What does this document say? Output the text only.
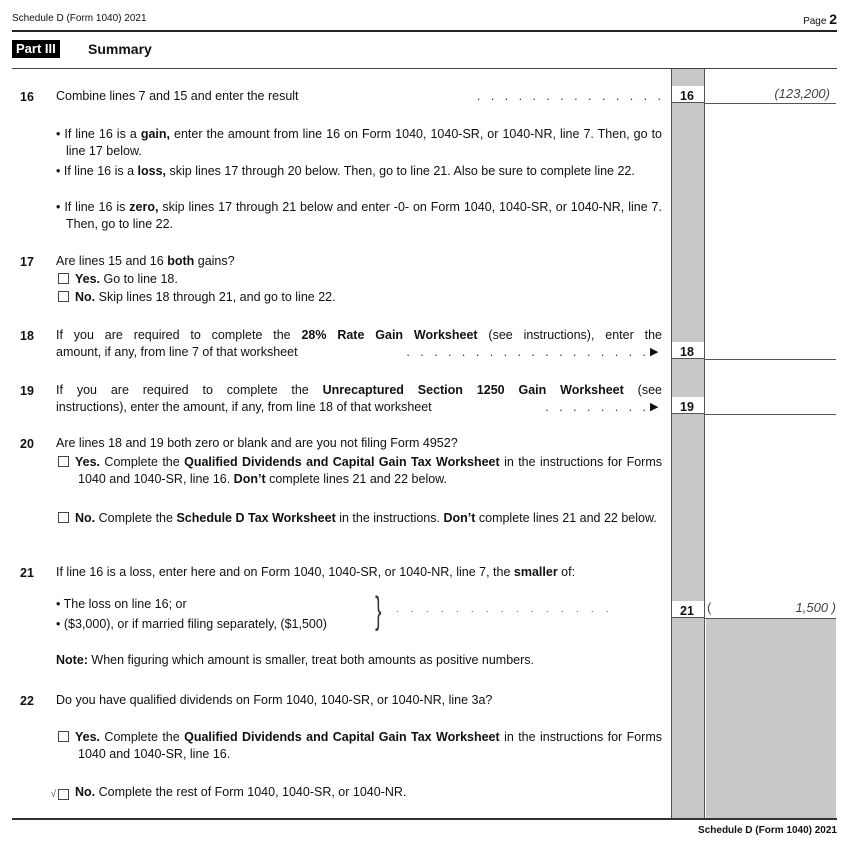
Schedule D (Form 1040) 2021	Page 2
Part III Summary
16 Combine lines 7 and 15 and enter the result	.   .   .   .   .   .   .   .   .   .   .   .   .   .	16	(123,200)
• If line 16 is a gain, enter the amount from line 16 on Form 1040, 1040-SR, or 1040-NR, line 7. Then, go to line 17 below.
• If line 16 is a loss, skip lines 17 through 20 below. Then, go to line 21. Also be sure to complete line 22.
• If line 16 is zero, skip lines 17 through 21 below and enter -0- on Form 1040, 1040-SR, or 1040-NR, line 7. Then, go to line 22.
17 Are lines 15 and 16 both gains?
Yes. Go to line 18.
No. Skip lines 18 through 21, and go to line 22.
18 If you are required to complete the 28% Rate Gain Worksheet (see instructions), enter the
amount, if any, from line 7 of that worksheet	.   .   .   .   .   .   .   .   .   .   .   .   .   .   .   .   .   . ▶	18
19 If you are required to complete the Unrecaptured Section 1250 Gain Worksheet (see
instructions), enter the amount, if any, from line 18 of that worksheet	.   .   .   .   .   .   .   . ▶	19
20 Are lines 18 and 19 both zero or blank and are you not filing Form 4952?
Yes. Complete the Qualified Dividends and Capital Gain Tax Worksheet in the instructions for Forms 1040 and 1040-SR, line 16. Don’t complete lines 21 and 22 below.
No. Complete the Schedule D Tax Worksheet in the instructions. Don’t complete lines 21 and 22 below.
21 If line 16 is a loss, enter here and on Form 1040, 1040-SR, or 1040-NR, line 7, the smaller of:
• The loss on line 16; or
• ($3,000), or if married filing separately, ($1,500)	} .     .     .     .     .     .     .     .     .     .     .     .     .     .     .	21	(	1,500 )
Note: When figuring which amount is smaller, treat both amounts as positive numbers.
22 Do you have qualified dividends on Form 1040, 1040-SR, or 1040-NR, line 3a?
Yes. Complete the Qualified Dividends and Capital Gain Tax Worksheet in the instructions for Forms 1040 and 1040-SR, line 16.
√ No. Complete the rest of Form 1040, 1040-SR, or 1040-NR.
Schedule D (Form 1040) 2021
